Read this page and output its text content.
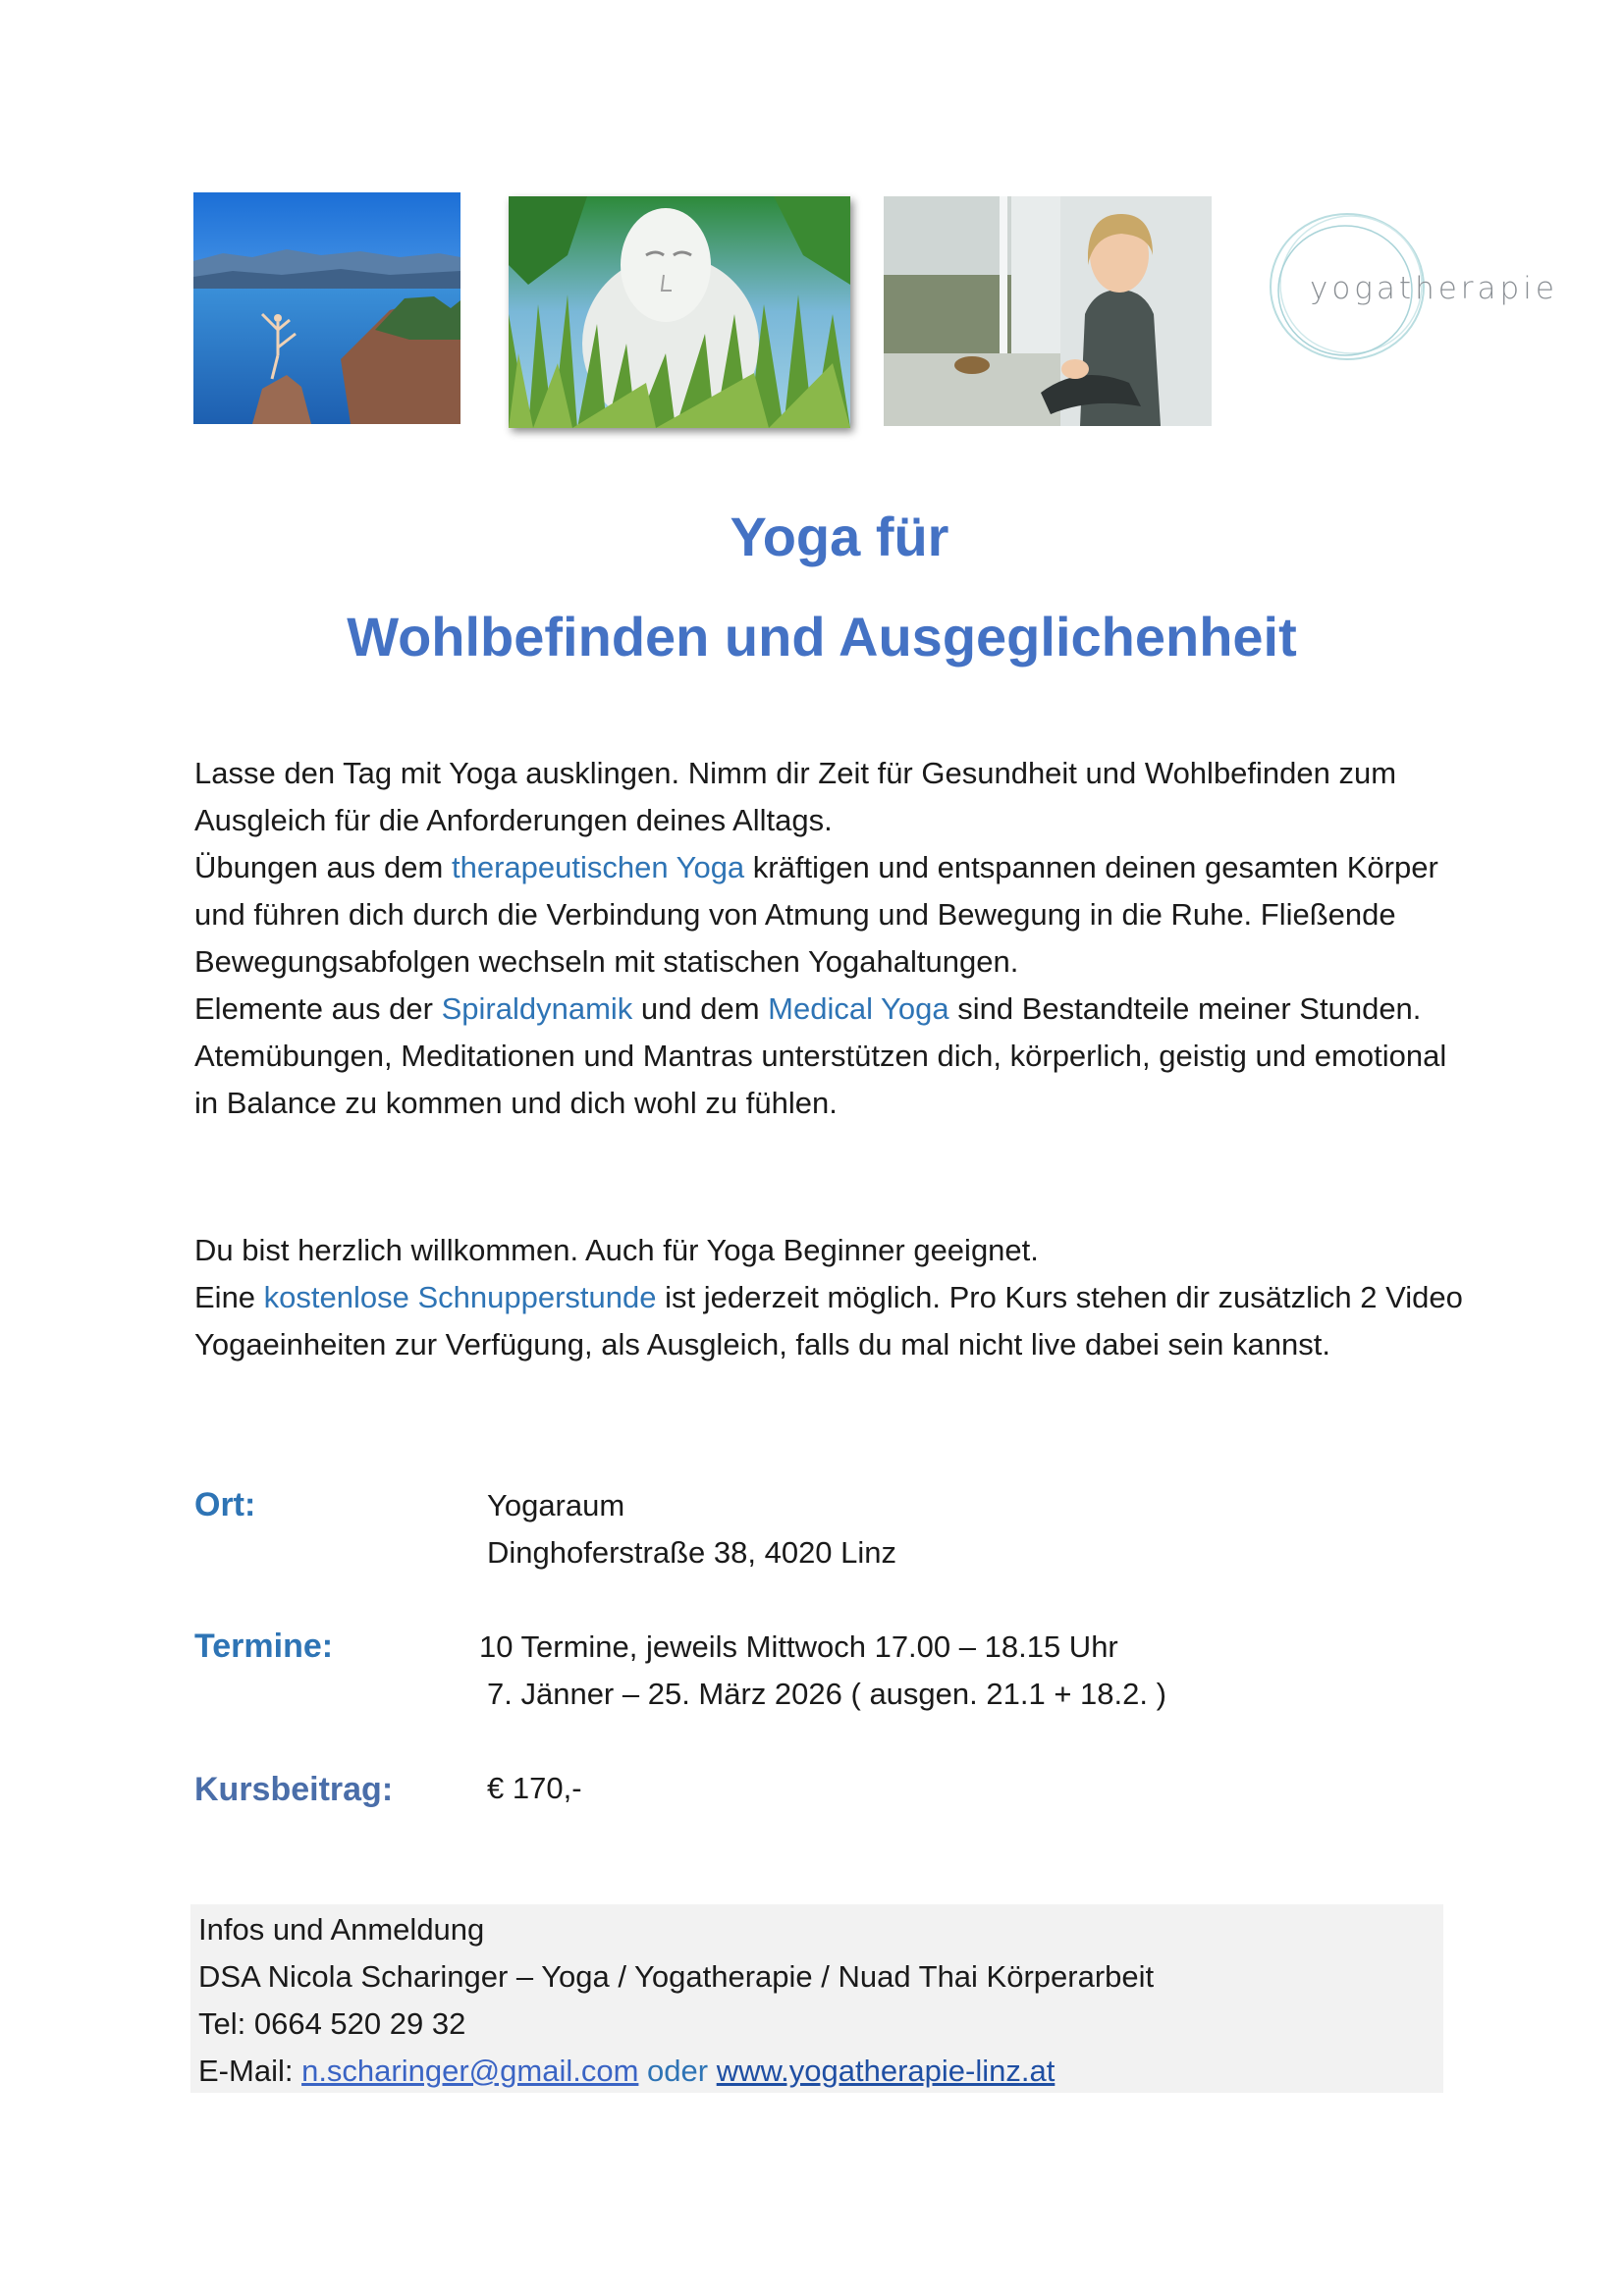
yogatherapie
Yoga für
Wohlbefinden und Ausgeglichenheit
Lasse den Tag mit Yoga ausklingen. Nimm dir Zeit für Gesundheit und Wohlbefinden zum Ausgleich für die Anforderungen deines Alltags.
Übungen aus dem therapeutischen Yoga kräftigen und entspannen deinen gesamten Körper und führen dich durch die Verbindung von Atmung und Bewegung in die Ruhe. Fließende Bewegungsabfolgen wechseln mit statischen Yogahaltungen.
Elemente aus der Spiraldynamik und dem Medical Yoga sind Bestandteile meiner Stunden.
Atemübungen, Meditationen und Mantras unterstützen dich, körperlich, geistig und emotional in Balance zu kommen und dich wohl zu fühlen.
Du bist herzlich willkommen. Auch für Yoga Beginner geeignet.
Eine kostenlose Schnupperstunde ist jederzeit möglich. Pro Kurs stehen dir zusätzlich 2 Video Yogaeinheiten zur Verfügung, als Ausgleich, falls du mal nicht live dabei sein kannst.
Ort:	Yogaraum
Dinghoferstraße 38, 4020 Linz
Termine:	10 Termine, jeweils Mittwoch 17.00 – 18.15 Uhr
7. Jänner – 25. März 2026 ( ausgen. 21.1 + 18.2. )
Kursbeitrag:	€ 170,-
Infos und Anmeldung
DSA Nicola Scharinger – Yoga / Yogatherapie / Nuad Thai Körperarbeit
Tel: 0664 520 29 32
E-Mail: n.scharinger@gmail.com oder www.yogatherapie-linz.at
